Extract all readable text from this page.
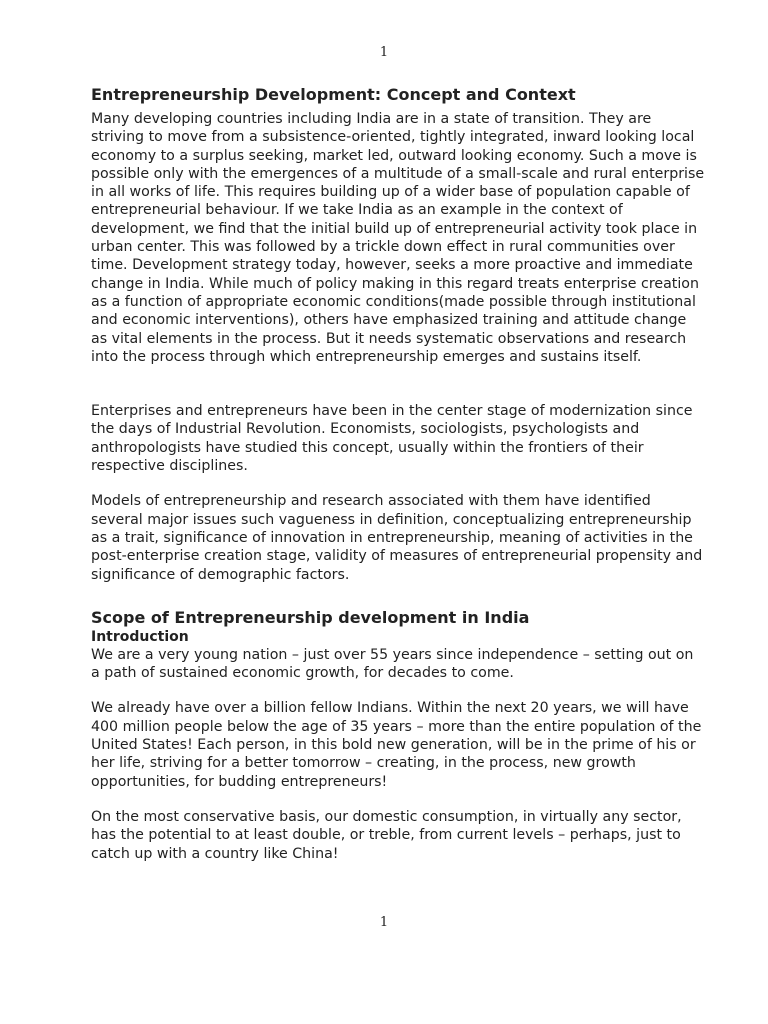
1
Entrepreneurship Development: Concept and Context

Many developing countries including India are in a state of transition. They are striving to move from a subsistence-oriented, tightly integrated, inward looking local economy to a surplus seeking, market led, outward looking economy. Such a move is possible only with the emergences of a multitude of a small-scale and rural enterprise in all works of life. This requires building up of a wider base of population capable of entrepreneurial behaviour. If we take India as an example in the context of development, we find that the initial build up of entrepreneurial activity took place in urban center. This was followed by a trickle down effect in rural communities over time. Development strategy today, however, seeks a more proactive and immediate change in India. While much of policy making in this regard treats enterprise creation as a function of appropriate economic conditions(made possible through institutional and economic interventions), others have emphasized training and attitude change as vital elements in the process. But it needs systematic observations and research into the process through which entrepreneurship emerges and sustains itself.

Enterprises and entrepreneurs have been in the center stage of modernization since the days of Industrial Revolution. Economists, sociologists, psychologists and anthropologists have studied this concept, usually within the frontiers of their respective disciplines.

Models of entrepreneurship and research associated with them have identified several major issues such vagueness in definition, conceptualizing entrepreneurship as a trait, significance of innovation in entrepreneurship, meaning of activities in the post-enterprise creation stage, validity of measures of entrepreneurial propensity and significance of demographic factors.

Scope of Entrepreneurship development in India
Introduction

We are a very young nation – just over 55 years since independence – setting out on a path of sustained economic growth, for decades to come.

We already have over a billion fellow Indians. Within the next 20 years, we will have 400 million people below the age of 35 years – more than the entire population of the United States! Each person, in this bold new generation, will be in the prime of his or her life, striving for a better tomorrow – creating, in the process, new growth opportunities, for budding entrepreneurs!

On the most conservative basis, our domestic consumption, in virtually any sector, has the potential to at least double, or treble, from current levels – perhaps, just to catch up with a country like China!

1
